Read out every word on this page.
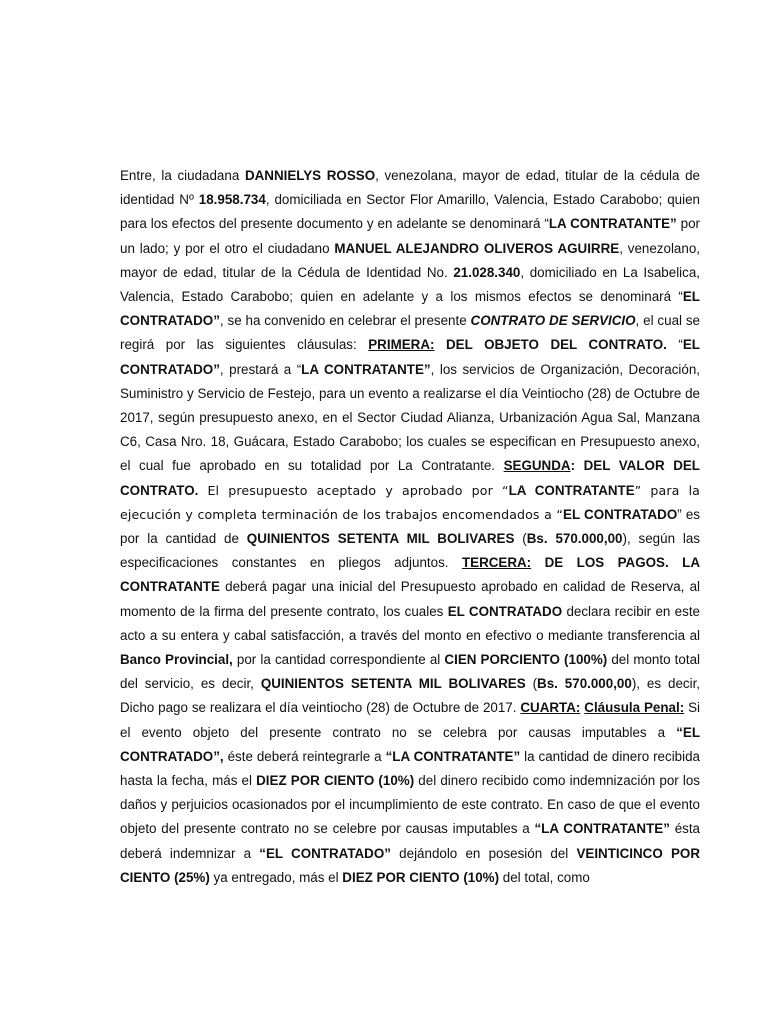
Entre, la ciudadana DANNIELYS ROSSO, venezolana, mayor de edad, titular de la cédula de identidad Nº 18.958.734, domiciliada en Sector Flor Amarillo, Valencia, Estado Carabobo; quien para los efectos del presente documento y en adelante se denominará “LA CONTRATANTE” por un lado; y por el otro el ciudadano MANUEL ALEJANDRO OLIVEROS AGUIRRE, venezolano, mayor de edad, titular de la Cédula de Identidad No. 21.028.340, domiciliado en La Isabelica, Valencia, Estado Carabobo; quien en adelante y a los mismos efectos se denominará “EL CONTRATADO”, se ha convenido en celebrar el presente CONTRATO DE SERVICIO, el cual se regirá por las siguientes cláusulas: PRIMERA: DEL OBJETO DEL CONTRATO. “EL CONTRATADO”, prestará a “LA CONTRATANTE”, los servicios de Organización, Decoración, Suministro y Servicio de Festejo, para un evento a realizarse el día Veintiocho (28) de Octubre de 2017, según presupuesto anexo, en el Sector Ciudad Alianza, Urbanización Agua Sal, Manzana C6, Casa Nro. 18, Guácara, Estado Carabobo; los cuales se especifican en Presupuesto anexo, el cual fue aprobado en su totalidad por La Contratante. SEGUNDA: DEL VALOR DEL CONTRATO. El presupuesto aceptado y aprobado por “LA CONTRATANTE” para la ejecución y completa terminación de los trabajos encomendados a “EL CONTRATADO” es por la cantidad de QUINIENTOS SETENTA MIL BOLIVARES (Bs. 570.000,00), según las especificaciones constantes en pliegos adjuntos. TERCERA: DE LOS PAGOS. LA CONTRATANTE deberá pagar una inicial del Presupuesto aprobado en calidad de Reserva, al momento de la firma del presente contrato, los cuales EL CONTRATADO declara recibir en este acto a su entera y cabal satisfacción, a través del monto en efectivo o mediante transferencia al Banco Provincial, por la cantidad correspondiente al CIEN PORCIENTO (100%) del monto total del servicio, es decir, QUINIENTOS SETENTA MIL BOLIVARES (Bs. 570.000,00), es decir, Dicho pago se realizara el día veintiocho (28) de Octubre de 2017. CUARTA: Cláusula Penal: Si el evento objeto del presente contrato no se celebra por causas imputables a “EL CONTRATADO”, éste deberá reintegrarle a “LA CONTRATANTE” la cantidad de dinero recibida hasta la fecha, más el DIEZ POR CIENTO (10%) del dinero recibido como indemnización por los daños y perjuicios ocasionados por el incumplimiento de este contrato. En caso de que el evento objeto del presente contrato no se celebre por causas imputables a “LA CONTRATANTE” ésta deberá indemnizar a “EL CONTRATADO” dejándolo en posesión del VEINTICINCO POR CIENTO (25%) ya entregado, más el DIEZ POR CIENTO (10%) del total, como
